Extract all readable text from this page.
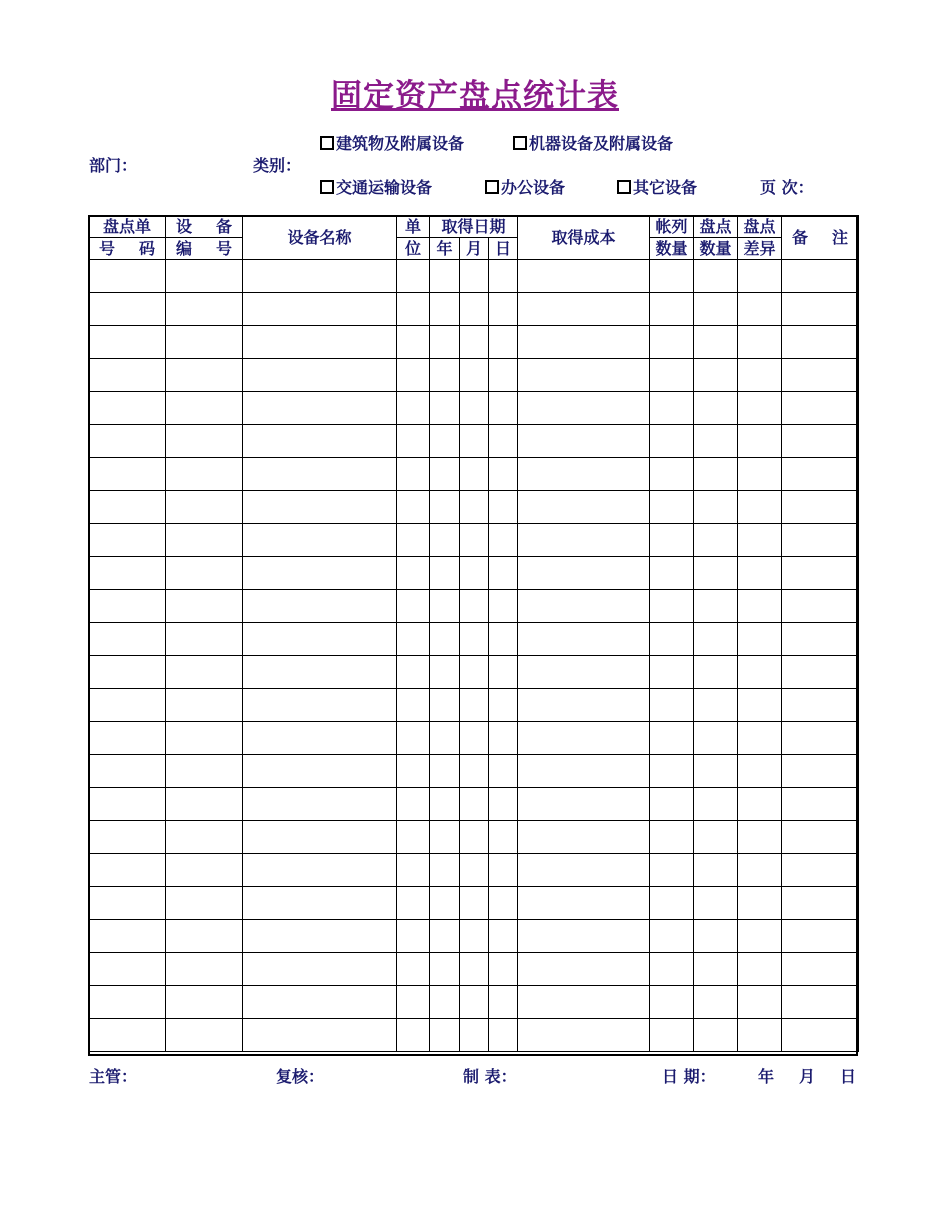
固定资产盘点统计表
部门：	类别：
建筑物及附属设备	机器设备及附属设备
交通运输设备	办公设备	其它设备	页 次：
盘点单	设 备	设备名称	单	取得日期			取得成本	帐列	盘点	盘点	备 注

号 码	编 号		位	年	月	日		数量	数量	差异	

主管：	复核：	制 表：	日 期：	年 月 日
